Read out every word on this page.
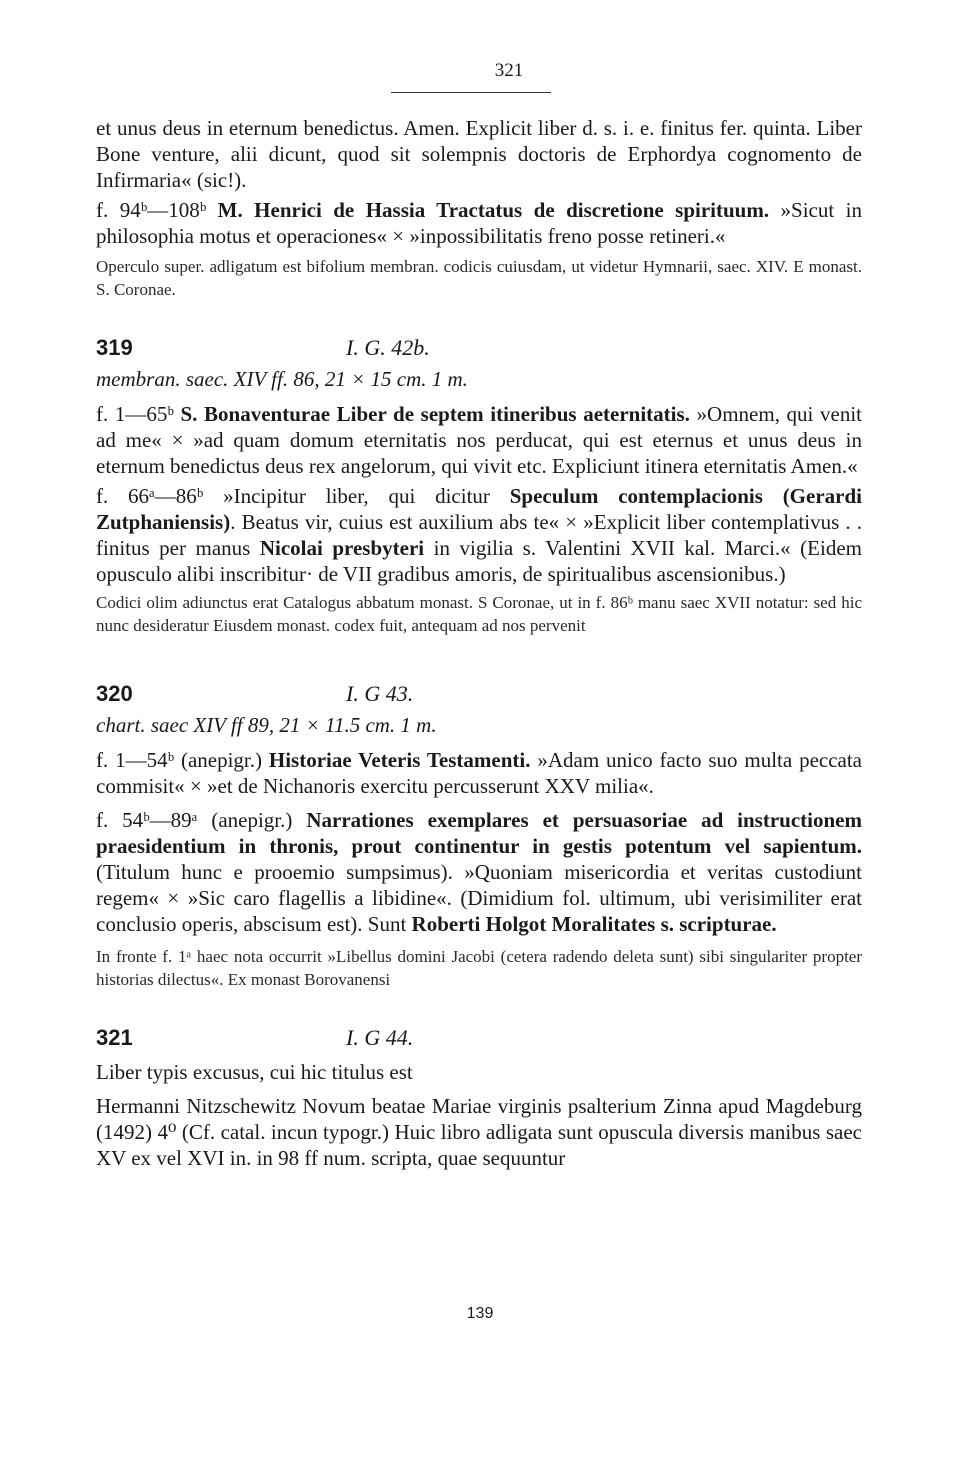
321

et unus deus in eternum benedictus. Amen. Explicit liber d. s. i. e. finitus fer. quinta. Liber Bone venture, alii dicunt, quod sit solempnis doctoris de Erphordya cognomento de Infirmaria« (sic!).

f. 94ᵇ—108ᵇ M. Henrici de Hassia Tractatus de discretione spirituum. »Sicut in philosophia motus et operaciones« × »inpossibilitatis freno posse retineri.«

Operculo super. adligatum est bifolium membran. codicis cuiusdam, ut videtur Hymnarii, saec. XIV. E monast. S. Coronae.

319	I. G. 42b.

membran. saec. XIV ff. 86, 21 × 15 cm. 1 m.

f. 1—65ᵇ S. Bonaventurae Liber de septem itineribus aeternitatis. »Omnem, qui venit ad me« × »ad quam domum eternitatis nos perducat, qui est eternus et unus deus in eternum benedictus deus rex angelorum, qui vivit etc. Expliciunt itinera eternitatis Amen.«

f. 66ᵃ—86ᵇ »Incipitur liber, qui dicitur Speculum contemplacionis (Gerardi Zutphaniensis). Beatus vir, cuius est auxilium abs te« × »Explicit liber contemplativus . . finitus per manus Nicolai presbyteri in vigilia s. Valentini XVII kal. Marci.« (Eidem opusculo alibi inscribitur· de VII gradibus amoris, de spiritualibus ascensionibus.)

Codici olim adiunctus erat Catalogus abbatum monast. S Coronae, ut in f. 86ᵇ manu saec XVII notatur: sed hic nunc desideratur Eiusdem monast. codex fuit, antequam ad nos pervenit

320	I. G 43.

chart. saec XIV ff 89, 21 × 11.5 cm. 1 m.

f. 1—54ᵇ (anepigr.) Historiae Veteris Testamenti. »Adam unico facto suo multa peccata commisit« × »et de Nichanoris exercitu percusserunt XXV milia«.

f. 54ᵇ—89ᵃ (anepigr.) Narrationes exemplares et persuasoriae ad instructionem praesidentium in thronis, prout continentur in gestis potentum vel sapientum. (Titulum hunc e prooemio sumpsimus). »Quoniam misericordia et veritas custodiunt regem« × »Sic caro flagellis a libidine«. (Dimidium fol. ultimum, ubi verisimiliter erat conclusio operis, abscisum est). Sunt Roberti Holgot Moralitates s. scripturae.

In fronte f. 1ᵃ haec nota occurrit »Libellus domini Jacobi (cetera radendo deleta sunt) sibi singulariter propter historias dilectus«. Ex monast Borovanensi

321	I. G 44.

Liber typis excusus, cui hic titulus est

Hermanni Nitzschewitz Novum beatae Mariae virginis psalterium Zinna apud Magdeburg (1492) 4⁰ (Cf. catal. incun typogr.) Huic libro adligata sunt opuscula diversis manibus saec XV ex vel XVI in. in 98 ff num. scripta, quae sequuntur

139
